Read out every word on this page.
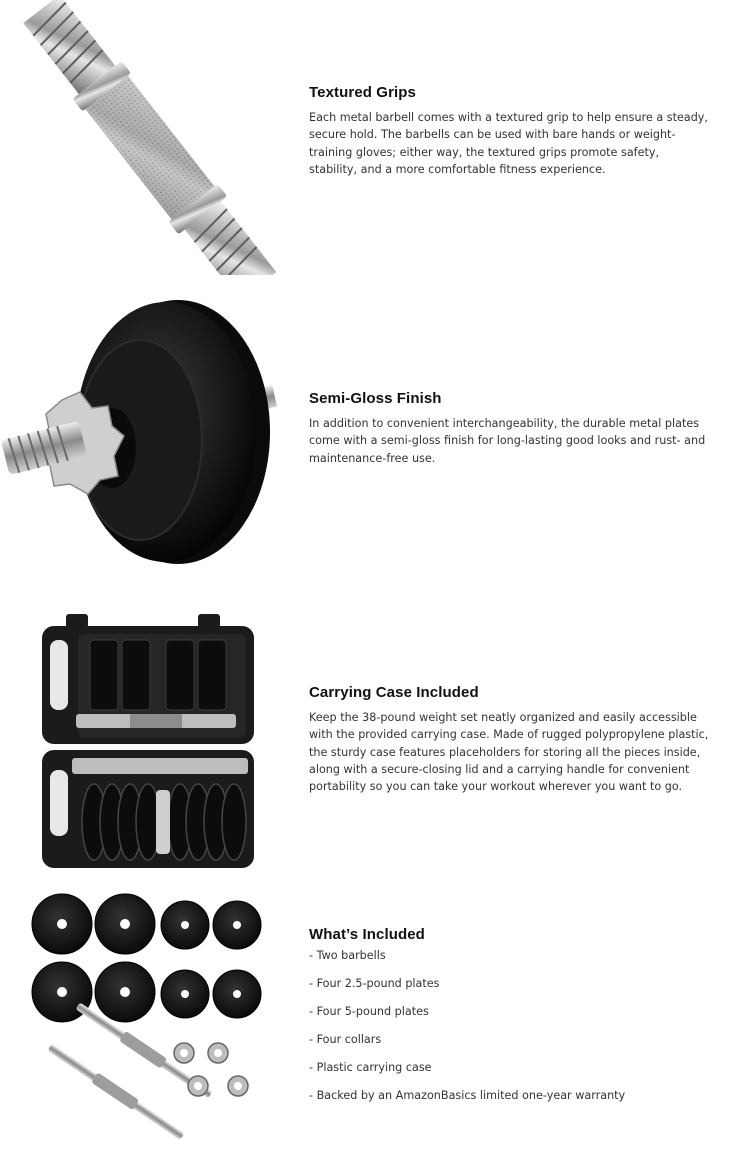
Textured Grips

Each metal barbell comes with a textured grip to help ensure a steady, secure hold. The barbells can be used with bare hands or weight-training gloves; either way, the textured grips promote safety, stability, and a more comfortable fitness experience.

Semi-Gloss Finish

In addition to convenient interchangeability, the durable metal plates come with a semi-gloss finish for long-lasting good looks and rust- and maintenance-free use.

Carrying Case Included

Keep the 38-pound weight set neatly organized and easily accessible with the provided carrying case. Made of rugged polypropylene plastic, the sturdy case features placeholders for storing all the pieces inside, along with a secure-closing lid and a carrying handle for convenient portability so you can take your workout wherever you want to go.

What’s Included
- Two barbells
- Four 2.5-pound plates
- Four 5-pound plates
- Four collars
- Plastic carrying case
- Backed by an AmazonBasics limited one-year warranty
